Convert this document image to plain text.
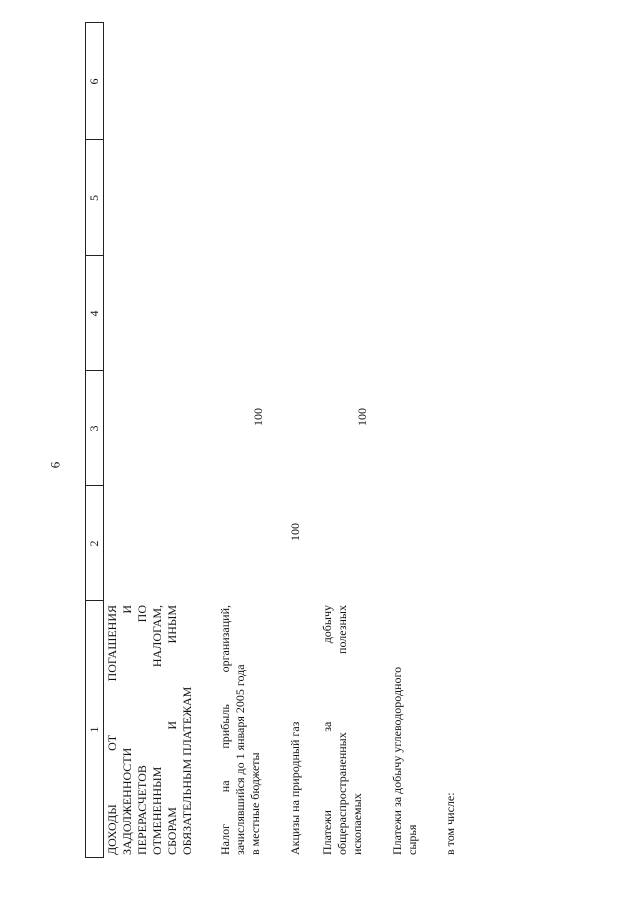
6
1
2
3
4
5
6
ДОХОДЫ ОТ ПОГАШЕНИЯ ЗАДОЛЖЕННОСТИ И ПЕРЕРАСЧЕТОВ ПО ОТМЕНЕННЫМ НАЛОГАМ, СБОРАМ И ИНЫМ ОБЯЗАТЕЛЬНЫМ ПЛАТЕЖАМ Налог на прибыль организаций, зачислявшийся до 1 января 2005 года в местные бюджеты
100
Акцизы на природный газ
100
Платежи за добычу общераспространенных полезных ископаемых
100
Платежи за добычу углеводородного сырья в том числе:
